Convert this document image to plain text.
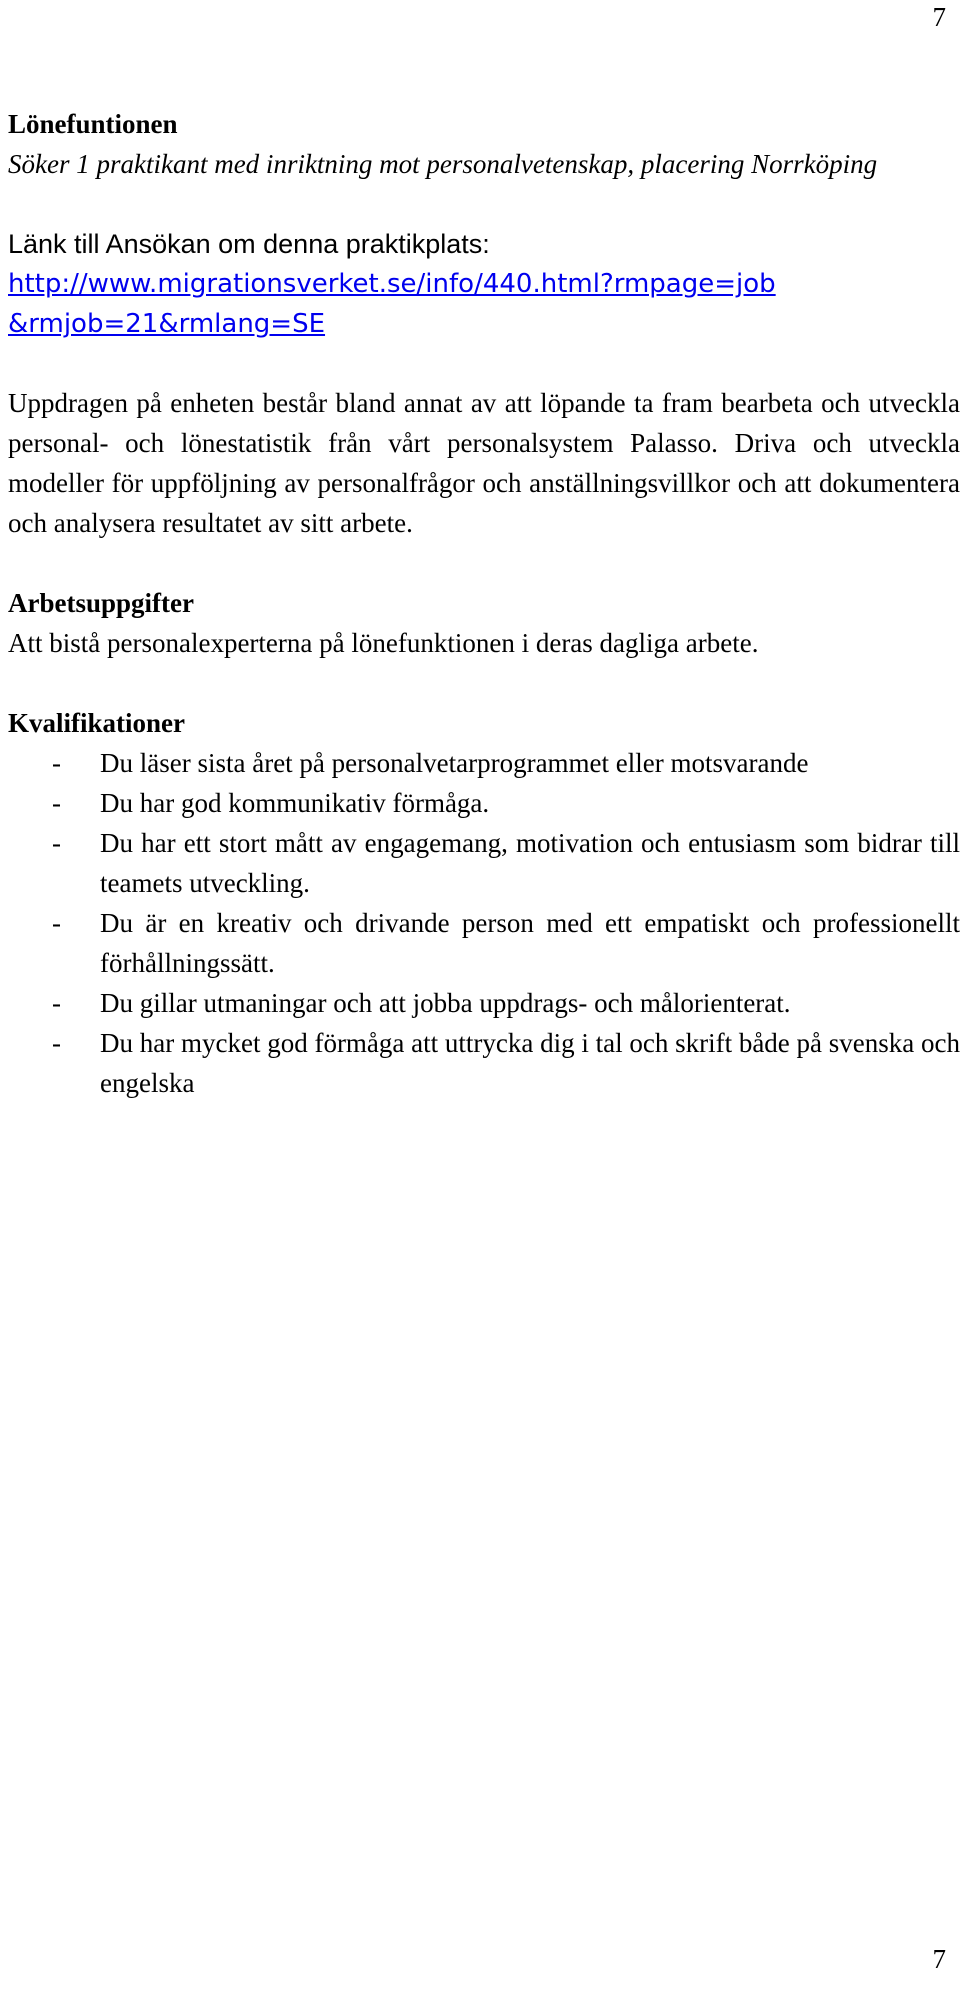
7

Lönefuntionen

Söker 1 praktikant med inriktning mot personalvetenskap, placering Norrköping

Länk till Ansökan om denna praktikplats:

http://www.migrationsverket.se/info/440.html?rmpage=job
&rmjob=21&rmlang=SE

Uppdragen på enheten består bland annat av att löpande ta fram bearbeta och utveckla personal- och lönestatistik från vårt personalsystem Palasso. Driva och utveckla modeller för uppföljning av personalfrågor och anställningsvillkor och att dokumentera och analysera resultatet av sitt arbete.

Arbetsuppgifter

Att bistå personalexperterna på lönefunktionen i deras dagliga arbete.

Kvalifikationer
- Du läser sista året på personalvetarprogrammet eller motsvarande
- Du har god kommunikativ förmåga.
- Du har ett stort mått av engagemang, motivation och entusiasm som bidrar till teamets utveckling.
- Du är en kreativ och drivande person med ett empatiskt och professionellt förhållningssätt.
- Du gillar utmaningar och att jobba uppdrags- och målorienterat.
- Du har mycket god förmåga att uttrycka dig i tal och skrift både på svenska och engelska

7
